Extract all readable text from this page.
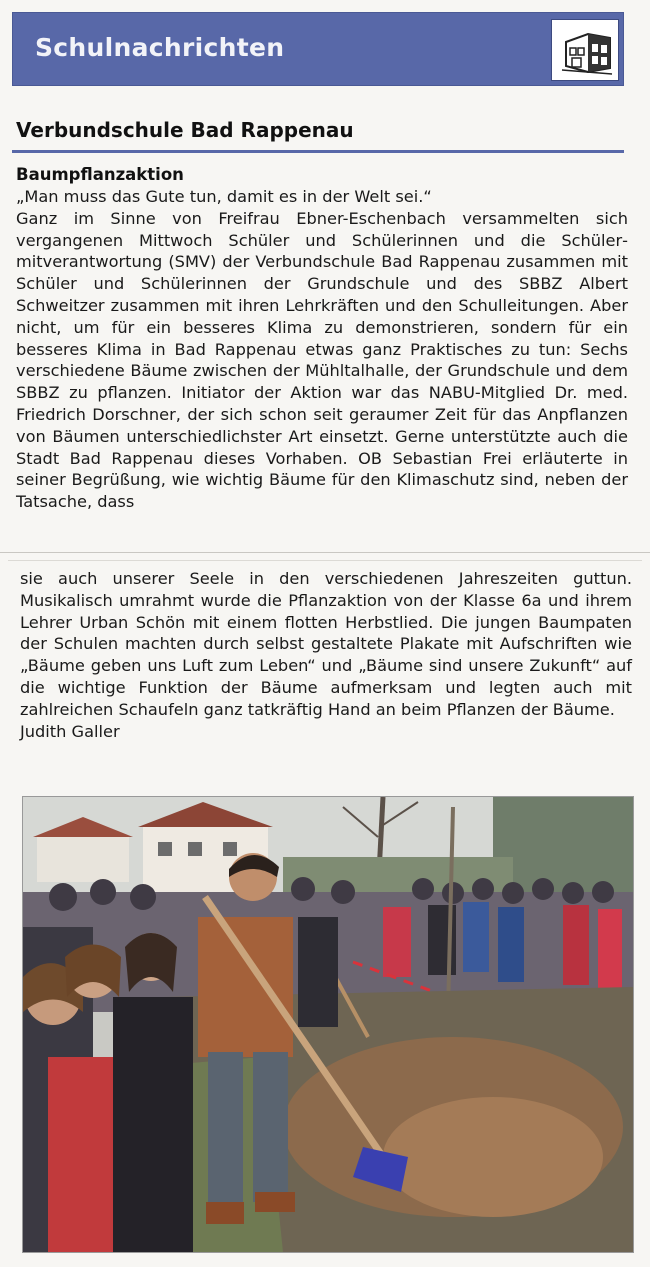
Schulnachrichten
Verbundschule Bad Rappenau
Baumpflanzaktion

„Man muss das Gute tun, damit es in der Welt sei.“

Ganz im Sinne von Freifrau Ebner-Eschenbach versammelten sich vergangenen Mittwoch Schüler und Schülerinnen und die Schülermitverantwortung (SMV) der Verbundschule Bad Rappenau zusammen mit Schüler und Schülerinnen der Grundschule und des SBBZ Albert Schweitzer zusammen mit ihren Lehrkräften und den Schulleitungen. Aber nicht, um für ein besseres Klima zu demonstrieren, sondern für ein besseres Klima in Bad Rappenau etwas ganz Praktisches zu tun: Sechs verschiedene Bäume zwischen der Mühltalhalle, der Grundschule und dem SBBZ zu pflanzen. Initiator der Aktion war das NABU-Mitglied Dr. med. Friedrich Dorschner, der sich schon seit geraumer Zeit für das Anpflanzen von Bäumen unterschiedlichster Art einsetzt. Gerne unterstützte auch die Stadt Bad Rappenau dieses Vorhaben. OB Sebastian Frei erläuterte in seiner Begrüßung, wie wichtig Bäume für den Klimaschutz sind, neben der Tatsache, dass

sie auch unserer Seele in den verschiedenen Jahreszeiten guttun. Musikalisch umrahmt wurde die Pflanzaktion von der Klasse 6a und ihrem Lehrer Urban Schön mit einem flotten Herbstlied. Die jungen Baumpaten der Schulen machten durch selbst gestaltete Plakate mit Aufschriften wie „Bäume geben uns Luft zum Leben“ und „Bäume sind unsere Zukunft“ auf die wichtige Funktion der Bäume aufmerksam und legten auch mit zahlreichen Schaufeln ganz tatkräftig Hand an beim Pflanzen der Bäume.

Judith Galler
